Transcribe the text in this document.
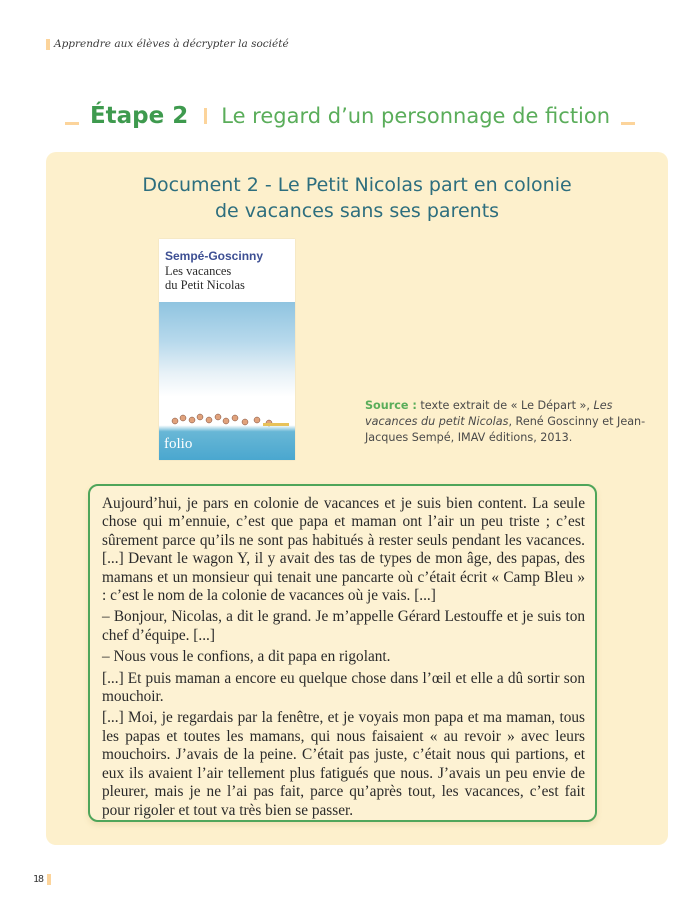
Apprendre aux élèves à décrypter la société
Étape 2 Le regard d’un personnage de fiction
Document 2 - Le Petit Nicolas part en colonie
de vacances sans ses parents
Sempé-Goscinny
Les vacances
du Petit Nicolas
folio
Source : texte extrait de « Le Départ », Les vacances du petit Nicolas, René Goscinny et Jean-Jacques Sempé, IMAV éditions, 2013.

Aujourd’hui, je pars en colonie de vacances et je suis bien content. La seule chose qui m’ennuie, c’est que papa et maman ont l’air un peu triste ; c’est sûrement parce qu’ils ne sont pas habitués à rester seuls pendant les vacances. [...] Devant le wagon Y, il y avait des tas de types de mon âge, des papas, des mamans et un monsieur qui tenait une pancarte où c’était écrit « Camp Bleu » : c’est le nom de la colonie de vacances où je vais. [...]

– Bonjour, Nicolas, a dit le grand. Je m’appelle Gérard Lestouffe et je suis ton chef d’équipe. [...]

– Nous vous le confions, a dit papa en rigolant.

[...] Et puis maman a encore eu quelque chose dans l’œil et elle a dû sortir son mouchoir.

[...] Moi, je regardais par la fenêtre, et je voyais mon papa et ma maman, tous les papas et toutes les mamans, qui nous faisaient « au revoir » avec leurs mouchoirs. J’avais de la peine. C’était pas juste, c’était nous qui partions, et eux ils avaient l’air tellement plus fatigués que nous. J’avais un peu envie de pleurer, mais je ne l’ai pas fait, parce qu’après tout, les vacances, c’est fait pour rigoler et tout va très bien se passer.

18
